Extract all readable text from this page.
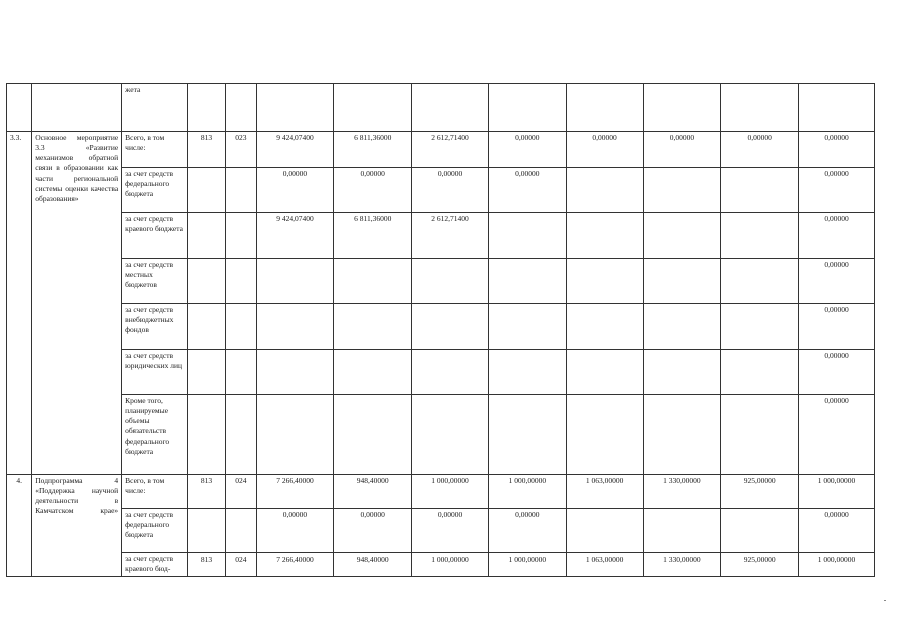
		жета										
3.3.	Основное мероприятие 3.3 «Развитие механизмов обратной связи в образовании как части региональной системы оценки качества образования»	Всего, в том числе:	813	023	9 424,07400	6 811,36000	2 612,71400	0,00000	0,00000	0,00000	0,00000	0,00000
		за счет средств федерального бюджета			0,00000	0,00000	0,00000	0,00000				0,00000
		за счет средств краевого бюджета			9 424,07400	6 811,36000	2 612,71400					0,00000
		за счет средств местных бюджетов										0,00000
		за счет средств внебюджетных фондов										0,00000
		за счет средств юридических лиц										0,00000
		Кроме того, планируемые объемы обязательств федерального бюджета										0,00000
4.	Подпрограмма 4 «Поддержка научной деятельности в Камчатском крае»	Всего, в том числе:	813	024	7 266,40000	948,40000	1 000,00000	1 000,00000	1 063,00000	1 330,00000	925,00000	1 000,00000
		за счет средств федерального бюджета			0,00000	0,00000	0,00000	0,00000				0,00000
		за счет средств краевого бюд-	813	024	7 266,40000	948,40000	1 000,00000	1 000,00000	1 063,00000	1 330,00000	925,00000	1 000,00000
